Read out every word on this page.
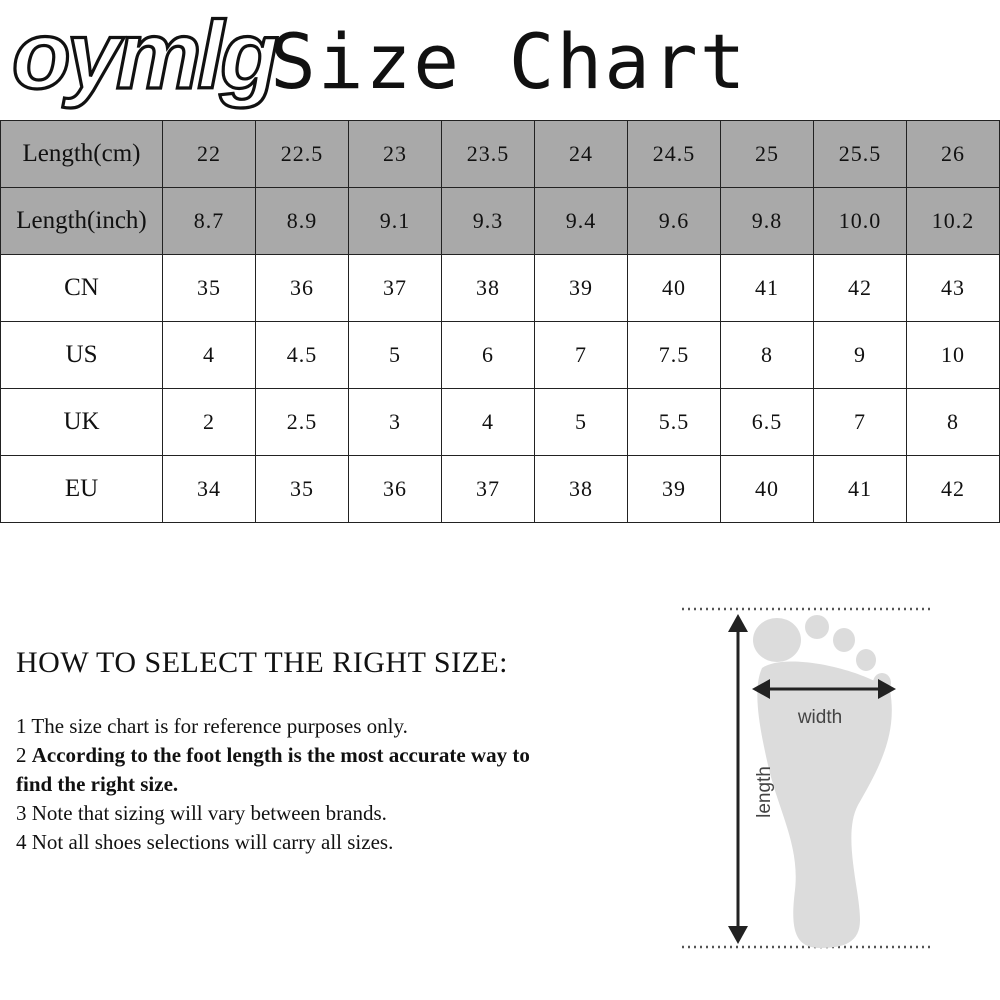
oymlg
Size Chart
Length(cm)	22	22.5	23	23.5	24	24.5	25	25.5	26
Length(inch)	8.7	8.9	9.1	9.3	9.4	9.6	9.8	10.0	10.2
CN	35	36	37	38	39	40	41	42	43
US	4	4.5	5	6	7	7.5	8	9	10
UK	2	2.5	3	4	5	5.5	6.5	7	8
EU	34	35	36	37	38	39	40	41	42
HOW TO SELECT THE RIGHT SIZE:
1 The size chart is for reference purposes only.
2 According to the foot length is the most accurate way to find the right size.
3 Note that sizing will vary between brands.
4 Not all shoes selections will carry all sizes.
width
length
